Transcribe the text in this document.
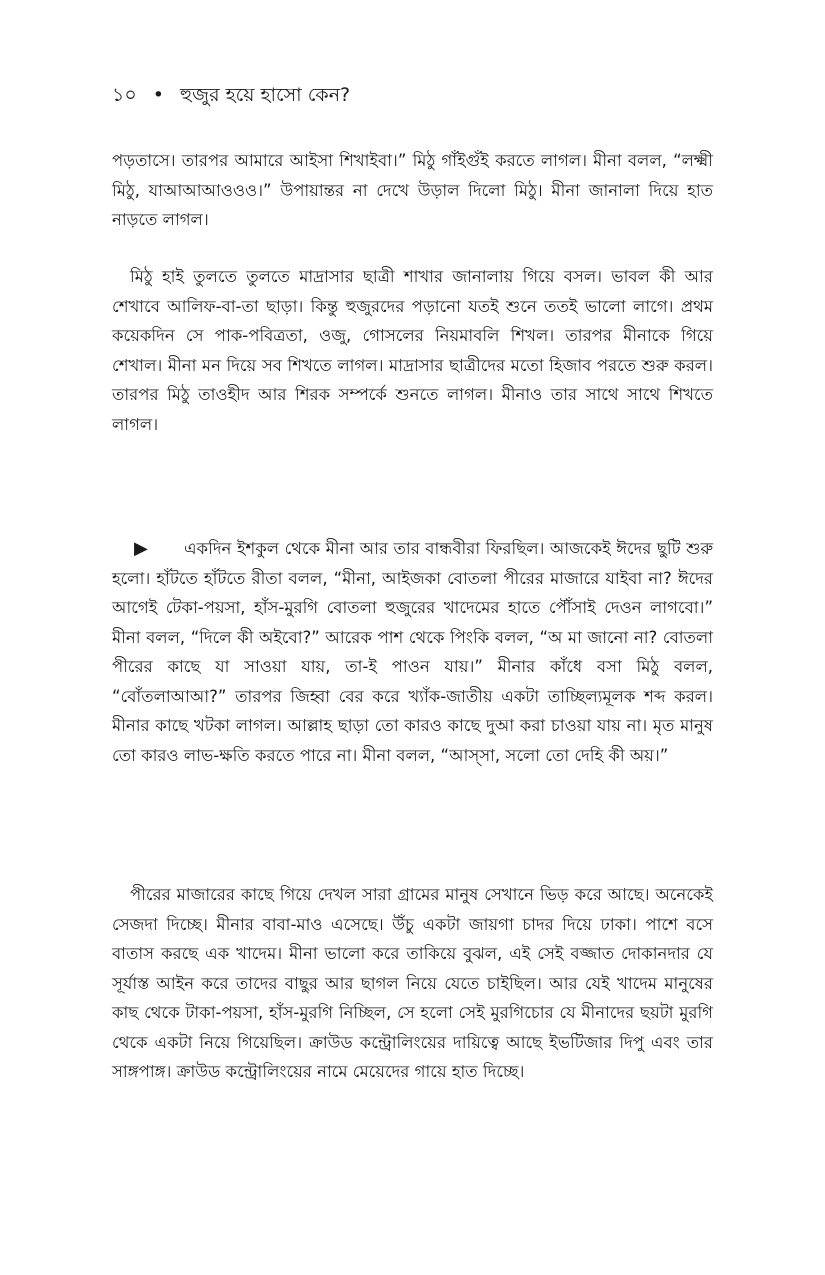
১০ • হুজুর হয়ে হাসো কেন?

পড়তাসে। তারপর আমারে আইসা শিখাইবা।” মিঠু গাঁইগুঁই করতে লাগল। মীনা বলল, “লক্ষ্মী মিঠু, যাআআআওওও।” উপায়ান্তর না দেখে উড়াল দিলো মিঠু। মীনা জানালা দিয়ে হাত নাড়তে লাগল।

মিঠু হাই তুলতে তুলতে মাদ্রাসার ছাত্রী শাখার জানালায় গিয়ে বসল। ভাবল কী আর শেখাবে আলিফ-বা-তা ছাড়া। কিন্তু হুজুরদের পড়ানো যতই শুনে ততই ভালো লাগে। প্রথম কয়েকদিন সে পাক-পবিত্রতা, ওজু, গোসলের নিয়মাবলি শিখল। তারপর মীনাকে গিয়ে শেখাল। মীনা মন দিয়ে সব শিখতে লাগল। মাদ্রাসার ছাত্রীদের মতো হিজাব পরতে শুরু করল। তারপর মিঠু তাওহীদ আর শিরক সম্পর্কে শুনতে লাগল। মীনাও তার সাথে সাথে শিখতে লাগল।

▶ একদিন ইশকুল থেকে মীনা আর তার বান্ধবীরা ফিরছিল। আজকেই ঈদের ছুটি শুরু হলো। হাঁটতে হাঁটতে রীতা বলল, “মীনা, আইজকা বোতলা পীরের মাজারে যাইবা না? ঈদের আগেই টেকা-পয়সা, হাঁস-মুরগি বোতলা হুজুরের খাদেমের হাতে পৌঁসাই দেওন লাগবো।” মীনা বলল, “দিলে কী অইবো?” আরেক পাশ থেকে পিংকি বলল, “অ মা জানো না? বোতলা পীরের কাছে যা সাওয়া যায়, তা-ই পাওন যায়।” মীনার কাঁধে বসা মিঠু বলল, “বোঁতলাআআ?” তারপর জিহ্বা বের করে খ্যাঁক-জাতীয় একটা তাচ্ছিল্যমূলক শব্দ করল। মীনার কাছে খটকা লাগল। আল্লাহ ছাড়া তো কারও কাছে দুআ করা চাওয়া যায় না। মৃত মানুষ তো কারও লাভ-ক্ষতি করতে পারে না। মীনা বলল, “আস্‌সা, সলো তো দেহি কী অয়।”

পীরের মাজারের কাছে গিয়ে দেখল সারা গ্রামের মানুষ সেখানে ভিড় করে আছে। অনেকেই সেজদা দিচ্ছে। মীনার বাবা-মাও এসেছে। উঁচু একটা জায়গা চাদর দিয়ে ঢাকা। পাশে বসে বাতাস করছে এক খাদেম। মীনা ভালো করে তাকিয়ে বুঝল, এই সেই বজ্জাত দোকানদার যে সূর্যাস্ত আইন করে তাদের বাছুর আর ছাগল নিয়ে যেতে চাইছিল। আর যেই খাদেম মানুষের কাছ থেকে টাকা-পয়সা, হাঁস-মুরগি নিচ্ছিল, সে হলো সেই মুরগিচোর যে মীনাদের ছয়টা মুরগি থেকে একটা নিয়ে গিয়েছিল। ক্রাউড কন্ট্রোলিংয়ের দায়িত্বে আছে ইভটিজার দিপু এবং তার সাঙ্গপাঙ্গ। ক্রাউড কন্ট্রোলিংয়ের নামে মেয়েদের গায়ে হাত দিচ্ছে।
